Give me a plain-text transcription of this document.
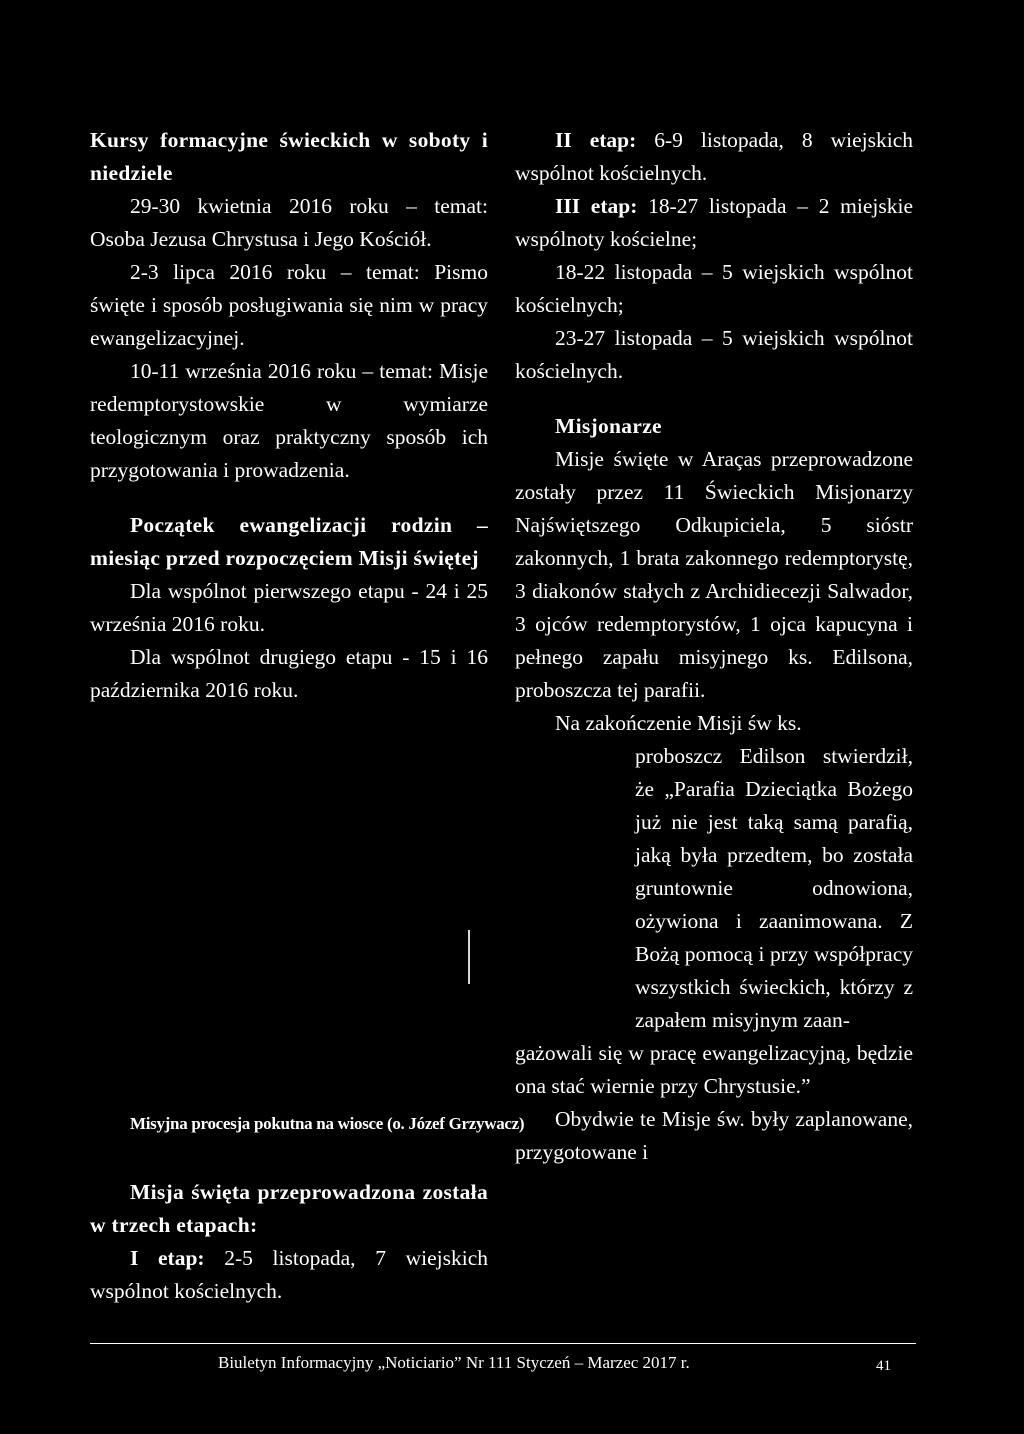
Kursy formacyjne świeckich w soboty i niedziele

29-30 kwietnia 2016 roku – temat: Osoba Jezusa Chrystusa i Jego Kościół.

2-3 lipca 2016 roku – temat: Pismo święte i sposób posługiwania się nim w pracy ewangelizacyjnej.

10-11 września 2016 roku – temat: Misje redemptorystowskie w wymiarze teologicznym oraz praktyczny sposób ich przygotowania i prowadzenia.

Początek ewangelizacji rodzin – miesiąc przed rozpoczęciem Misji świętej

Dla wspólnot pierwszego etapu - 24 i 25 września 2016 roku.

Dla wspólnot drugiego etapu - 15 i 16 października 2016 roku.

Misyjna procesja pokutna na wiosce (o. Józef Grzywacz)

Misja święta przeprowadzona została w trzech etapach:

I etap: 2-5 listopada, 7 wiejskich wspólnot kościelnych.

II etap: 6-9 listopada, 8 wiejskich wspólnot kościelnych.

III etap: 18-27 listopada – 2 miejskie wspólnoty kościelne;

18-22 listopada – 5 wiejskich wspólnot kościelnych;

23-27 listopada – 5 wiejskich wspólnot kościelnych.

Misjonarze

Misje święte w Araças przeprowadzone zostały przez 11 Świeckich Misjonarzy Najświętszego Odkupiciela, 5 sióstr zakonnych, 1 brata zakonnego redemptorystę, 3 diakonów stałych z Archidiecezji Salwador, 3 ojców redemptorystów, 1 ojca kapucyna i pełnego zapału misyjnego ks. Edilsona, proboszcza tej parafii.

Na zakończenie Misji św ks.

proboszcz Edilson stwierdził, że „Parafia Dzieciątka Bożego już nie jest taką samą parafią, jaką była przedtem, bo została gruntownie odnowiona, ożywiona i zaanimowana. Z Bożą pomocą i przy współpracy wszystkich świeckich, którzy z zapałem misyjnym zaan-

gażowali się w pracę ewangelizacyjną, będzie ona stać wiernie przy Chrystusie.”

Obydwie te Misje św. były zaplanowane, przygotowane i

Biuletyn Informacyjny „Noticiario” Nr 111 Styczeń – Marzec 2017 r.	41
